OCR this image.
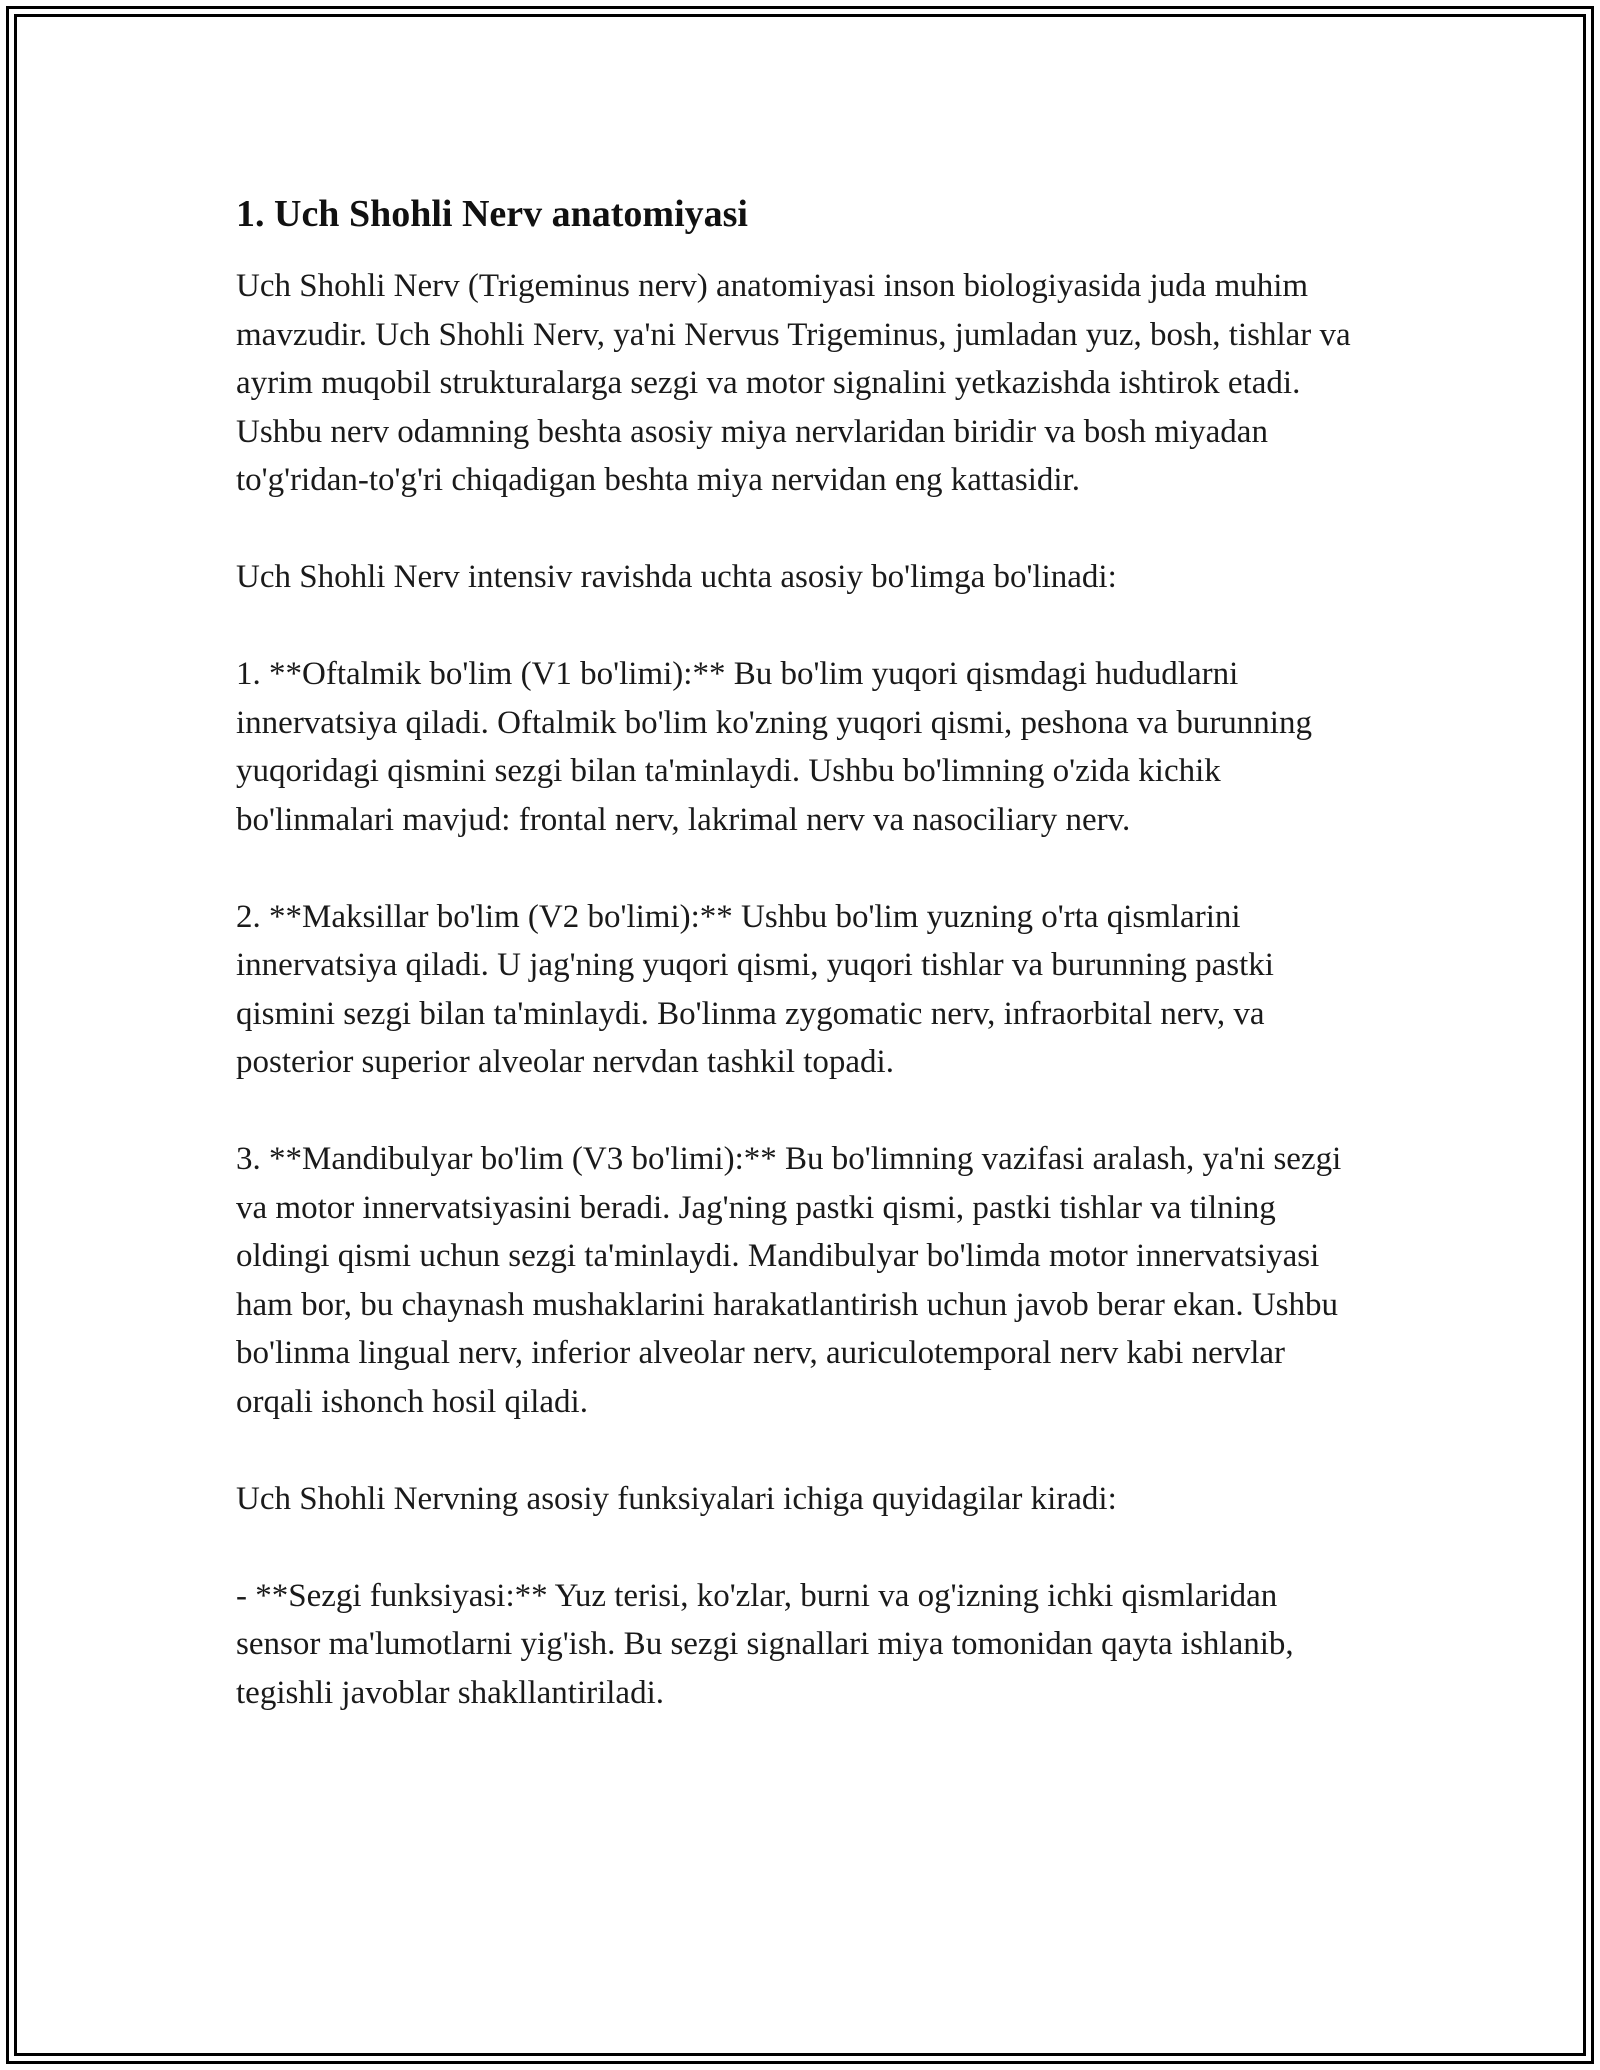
1. Uch Shohli Nerv anatomiyasi

Uch Shohli Nerv (Trigeminus nerv) anatomiyasi inson biologiyasida juda muhim mavzudir. Uch Shohli Nerv, ya'ni Nervus Trigeminus, jumladan yuz, bosh, tishlar va ayrim muqobil strukturalarga sezgi va motor signalini yetkazishda ishtirok etadi. Ushbu nerv odamning beshta asosiy miya nervlaridan biridir va bosh miyadan to'g'ridan-to'g'ri chiqadigan beshta miya nervidan eng kattasidir.

Uch Shohli Nerv intensiv ravishda uchta asosiy bo'limga bo'linadi:

1. **Oftalmik bo'lim (V1 bo'limi):** Bu bo'lim yuqori qismdagi hududlarni innervatsiya qiladi. Oftalmik bo'lim ko'zning yuqori qismi, peshona va burunning yuqoridagi qismini sezgi bilan ta'minlaydi. Ushbu bo'limning o'zida kichik bo'linmalari mavjud: frontal nerv, lakrimal nerv va nasociliary nerv.

2. **Maksillar bo'lim (V2 bo'limi):** Ushbu bo'lim yuzning o'rta qismlarini innervatsiya qiladi. U jag'ning yuqori qismi, yuqori tishlar va burunning pastki qismini sezgi bilan ta'minlaydi. Bo'linma zygomatic nerv, infraorbital nerv, va posterior superior alveolar nervdan tashkil topadi.

3. **Mandibulyar bo'lim (V3 bo'limi):** Bu bo'limning vazifasi aralash, ya'ni sezgi va motor innervatsiyasini beradi. Jag'ning pastki qismi, pastki tishlar va tilning oldingi qismi uchun sezgi ta'minlaydi. Mandibulyar bo'limda motor innervatsiyasi ham bor, bu chaynash mushaklarini harakatlantirish uchun javob berar ekan. Ushbu bo'linma lingual nerv, inferior alveolar nerv, auriculotemporal nerv kabi nervlar orqali ishonch hosil qiladi.

Uch Shohli Nervning asosiy funksiyalari ichiga quyidagilar kiradi:

- **Sezgi funksiyasi:** Yuz terisi, ko'zlar, burni va og'izning ichki qismlaridan sensor ma'lumotlarni yig'ish. Bu sezgi signallari miya tomonidan qayta ishlanib, tegishli javoblar shakllantiriladi.
